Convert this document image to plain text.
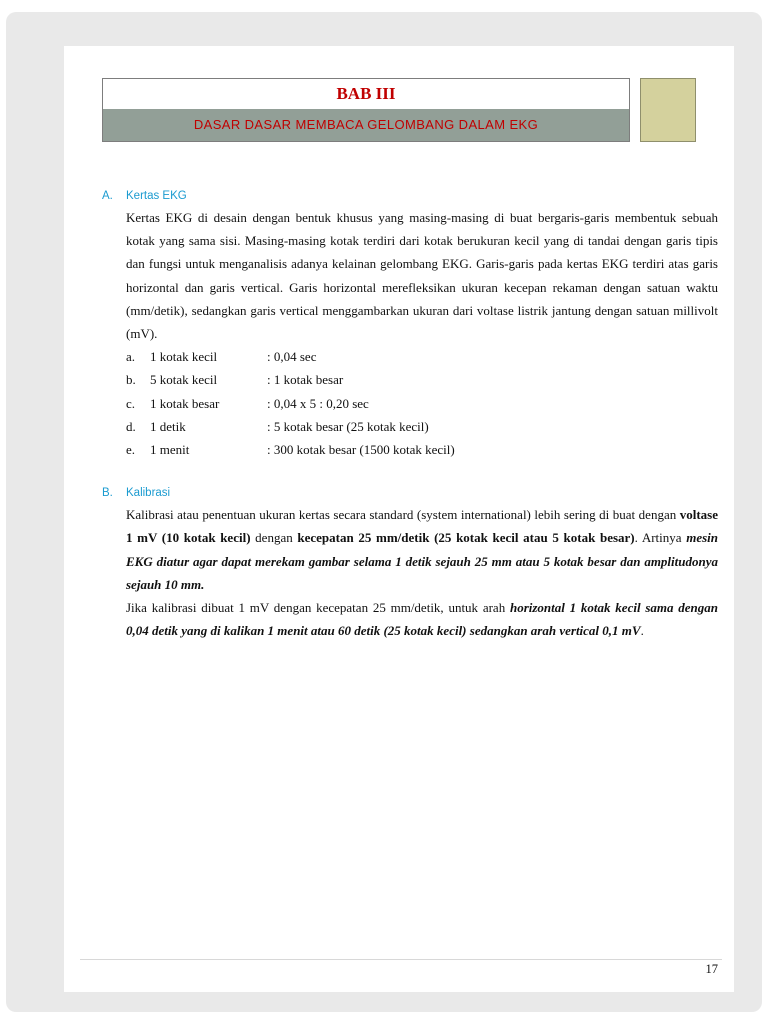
BAB III
DASAR DASAR MEMBACA GELOMBANG DALAM EKG
A. Kertas EKG

Kertas EKG di desain dengan bentuk khusus yang masing-masing di buat bergaris-garis membentuk sebuah kotak yang sama sisi. Masing-masing kotak terdiri dari kotak berukuran kecil yang di tandai dengan garis tipis dan fungsi untuk menganalisis adanya kelainan gelombang EKG. Garis-garis pada kertas EKG terdiri atas garis horizontal dan garis vertical. Garis horizontal merefleksikan ukuran kecepan rekaman dengan satuan waktu (mm/detik), sedangkan garis vertical menggambarkan ukuran dari voltase listrik jantung dengan satuan millivolt (mV).

a. 1 kotak kecil	: 0,04 sec
b. 5 kotak kecil	: 1 kotak besar
c. 1 kotak besar	: 0,04 x 5 : 0,20 sec
d. 1 detik	: 5 kotak besar (25 kotak kecil)
e. 1 menit	: 300 kotak besar (1500 kotak kecil)
B. Kalibrasi

Kalibrasi atau penentuan ukuran kertas secara standard (system international) lebih sering di buat dengan voltase 1 mV (10 kotak kecil) dengan kecepatan 25 mm/detik (25 kotak kecil atau 5 kotak besar). Artinya mesin EKG diatur agar dapat merekam gambar selama 1 detik sejauh 25 mm atau 5 kotak besar dan amplitudonya sejauh 10 mm.

Jika kalibrasi dibuat 1 mV dengan kecepatan 25 mm/detik, untuk arah horizontal 1 kotak kecil sama dengan 0,04 detik yang di kalikan 1 menit atau 60 detik (25 kotak kecil) sedangkan arah vertical 0,1 mV.

17
